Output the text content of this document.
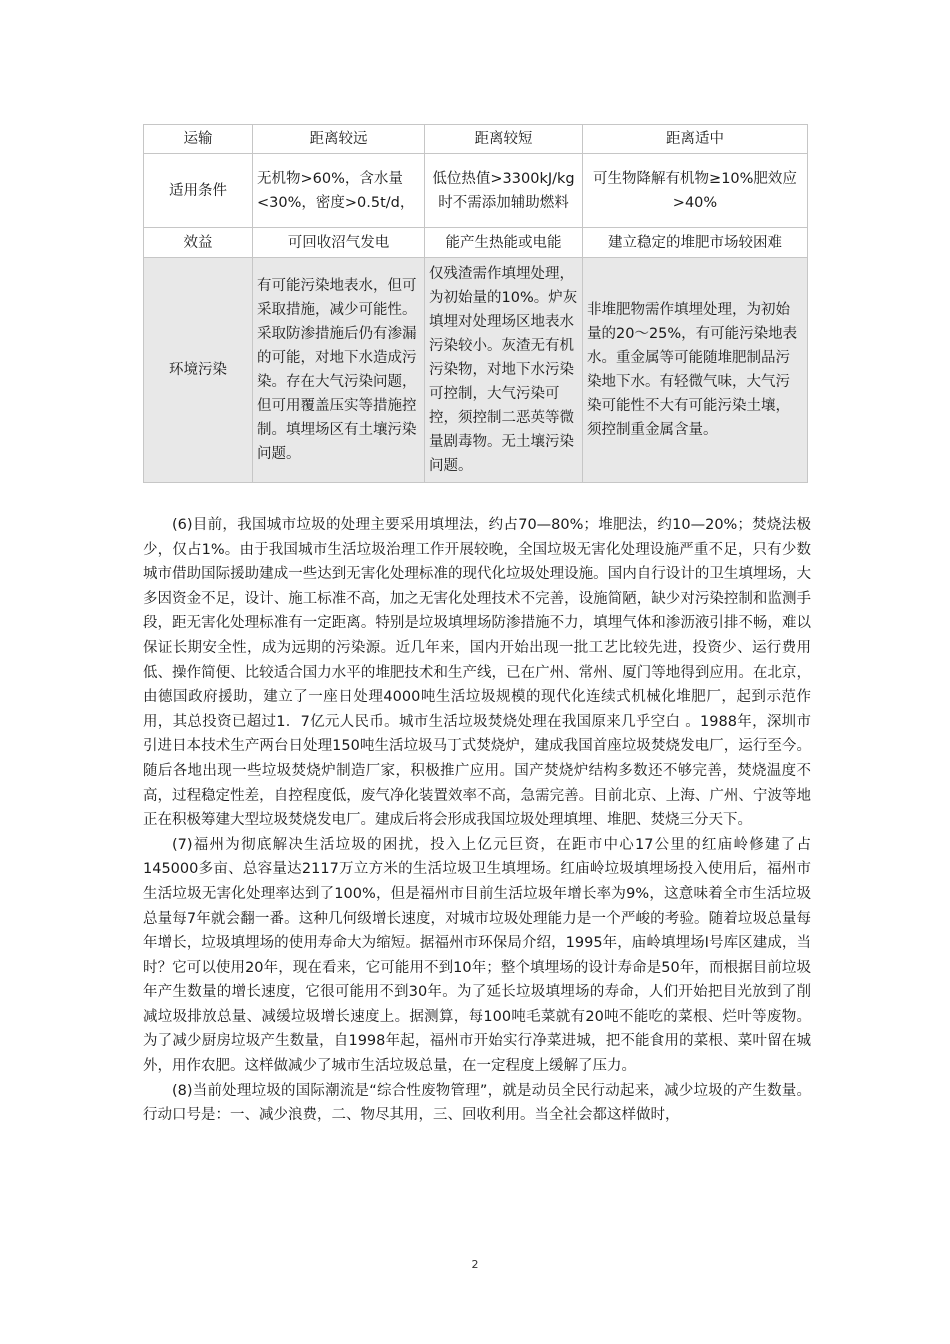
运输	距离较远	距离较短	距离适中
适用条件	无机物>60%，含水量<30%，密度>0.5t/d，	低位热值>3300kJ/kg时不需添加辅助燃料	可生物降解有机物≥10%肥效应>40%
效益	可回收沼气发电	能产生热能或电能	建立稳定的堆肥市场较困难
环境污染	有可能污染地表水，但可采取措施，减少可能性。采取防渗措施后仍有渗漏的可能，对地下水造成污染。存在大气污染问题，但可用覆盖压实等措施控制。填埋场区有土壤污染问题。	仅残渣需作填埋处理，为初始量的10%。炉灰填埋对处理场区地表水污染较小。灰渣无有机污染物，对地下水污染可控制，大气污染可控，须控制二恶英等微量剧毒物。无土壤污染问题。	非堆肥物需作填埋处理，为初始量的20～25%，有可能污染地表水。重金属等可能随堆肥制品污染地下水。有轻微气味，大气污染可能性不大有可能污染土壤，须控制重金属含量。

(6)目前，我国城市垃圾的处理主要采用填埋法，约占70—80%；堆肥法，约10—20%；焚烧法极少，仅占1%。由于我国城市生活垃圾治理工作开展较晚，全国垃圾无害化处理设施严重不足，只有少数城市借助国际援助建成一些达到无害化处理标准的现代化垃圾处理设施。国内自行设计的卫生填埋场，大多因资金不足，设计、施工标准不高，加之无害化处理技术不完善，设施简陋，缺少对污染控制和监测手段，距无害化处理标准有一定距离。特别是垃圾填埋场防渗措施不力，填埋气体和渗沥液引排不畅，难以保证长期安全性，成为远期的污染源。近几年来，国内开始出现一批工艺比较先进，投资少、运行费用低、操作简便、比较适合国力水平的堆肥技术和生产线，已在广州、常州、厦门等地得到应用。在北京，由德国政府援助，建立了一座日处理4000吨生活垃圾规模的现代化连续式机械化堆肥厂，起到示范作用，其总投资已超过1．7亿元人民币。城市生活垃圾焚烧处理在我国原来几乎空白 。1988年，深圳市引进日本技术生产两台日处理150吨生活垃圾马丁式焚烧炉，建成我国首座垃圾焚烧发电厂，运行至今。随后各地出现一些垃圾焚烧炉制造厂家，积极推广应用。国产焚烧炉结构多数还不够完善，焚烧温度不高，过程稳定性差，自控程度低，废气净化装置效率不高，急需完善。目前北京、上海、广州、宁波等地正在积极筹建大型垃圾焚烧发电厂。建成后将会形成我国垃圾处理填埋、堆肥、焚烧三分天下。

(7)福州为彻底解决生活垃圾的困扰，投入上亿元巨资，在距市中心17公里的红庙岭修建了占145000多亩、总容量达2117万立方米的生活垃圾卫生填埋场。红庙岭垃圾填埋场投入使用后，福州市生活垃圾无害化处理率达到了100%，但是福州市目前生活垃圾年增长率为9%，这意味着全市生活垃圾总量每7年就会翻一番。这种几何级增长速度，对城市垃圾处理能力是一个严峻的考验。随着垃圾总量每年增长，垃圾填埋场的使用寿命大为缩短。据福州市环保局介绍，1995年，庙岭填埋场Ⅰ号库区建成，当时？它可以使用20年，现在看来，它可能用不到10年；整个填埋场的设计寿命是50年，而根据目前垃圾年产生数量的增长速度，它很可能用不到30年。为了延长垃圾填埋场的寿命，人们开始把目光放到了削减垃圾排放总量、减缓垃圾增长速度上。据测算，每100吨毛菜就有20吨不能吃的菜根、烂叶等废物。为了减少厨房垃圾产生数量，自1998年起，福州市开始实行净菜进城，把不能食用的菜根、菜叶留在城外，用作农肥。这样做减少了城市生活垃圾总量，在一定程度上缓解了压力。

(8)当前处理垃圾的国际潮流是“综合性废物管理”，就是动员全民行动起来，减少垃圾的产生数量。行动口号是：一、减少浪费，二、物尽其用，三、回收利用。当全社会都这样做时，

2
